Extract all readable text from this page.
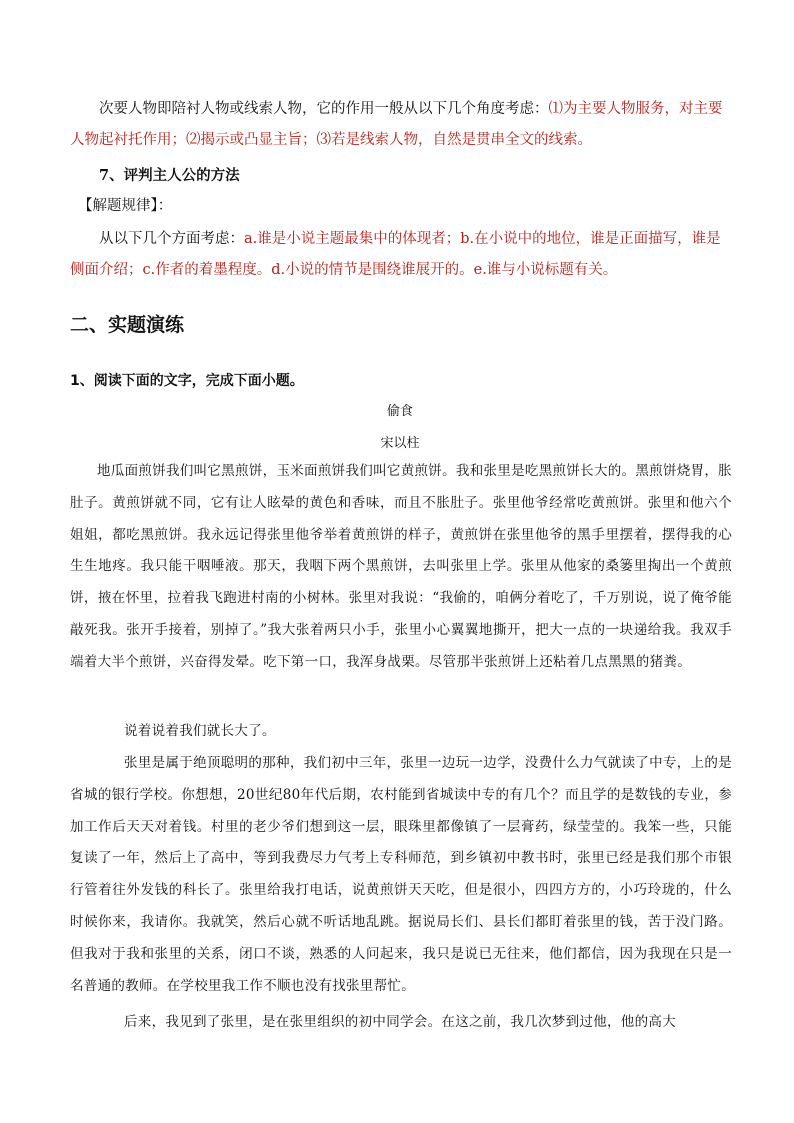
次要人物即陪衬人物或线索人物，它的作用一般从以下几个角度考虑：⑴为主要人物服务，对主要人物起衬托作用；⑵揭示或凸显主旨；⑶若是线索人物，自然是贯串全文的线索。

7、评判主人公的方法

【解题规律】：

从以下几个方面考虑：a.谁是小说主题最集中的体现者；b.在小说中的地位，谁是正面描写，谁是侧面介绍；c.作者的着墨程度。d.小说的情节是围绕谁展开的。e.谁与小说标题有关。

二、实题演练

1、阅读下面的文字，完成下面小题。

偷食

宋以柱

地瓜面煎饼我们叫它黑煎饼，玉米面煎饼我们叫它黄煎饼。我和张里是吃黑煎饼长大的。黑煎饼烧胃，胀肚子。黄煎饼就不同，它有让人眩晕的黄色和香味，而且不胀肚子。张里他爷经常吃黄煎饼。张里和他六个姐姐，都吃黑煎饼。我永远记得张里他爷举着黄煎饼的样子，黄煎饼在张里他爷的黑手里摆着，摆得我的心生生地疼。我只能干咽唾液。那天，我咽下两个黑煎饼，去叫张里上学。张里从他家的桑篓里掏出一个黄煎饼，掖在怀里，拉着我飞跑进村南的小树林。张里对我说：“我偷的，咱俩分着吃了，千万别说，说了俺爷能敲死我。张开手接着，别掉了。”我大张着两只小手，张里小心翼翼地撕开，把大一点的一块递给我。我双手端着大半个煎饼，兴奋得发晕。吃下第一口，我浑身战栗。尽管那半张煎饼上还粘着几点黑黑的猪粪。

说着说着我们就长大了。

张里是属于绝顶聪明的那种，我们初中三年，张里一边玩一边学，没费什么力气就读了中专，上的是省城的银行学校。你想想，20世纪80年代后期，农村能到省城读中专的有几个？而且学的是数钱的专业，参加工作后天天对着钱。村里的老少爷们想到这一层，眼珠里都像镇了一层膏药，绿莹莹的。我笨一些，只能复读了一年，然后上了高中，等到我费尽力气考上专科师范，到乡镇初中教书时，张里已经是我们那个市银行管着往外发钱的科长了。张里给我打电话，说黄煎饼天天吃，但是很小，四四方方的，小巧玲珑的，什么时候你来，我请你。我就笑，然后心就不听话地乱跳。据说局长们、县长们都盯着张里的钱，苦于没门路。但我对于我和张里的关系，闭口不谈，熟悉的人问起来，我只是说已无往来，他们都信，因为我现在只是一名普通的教师。在学校里我工作不顺也没有找张里帮忙。

后来，我见到了张里，是在张里组织的初中同学会。在这之前，我几次梦到过他，他的高大
